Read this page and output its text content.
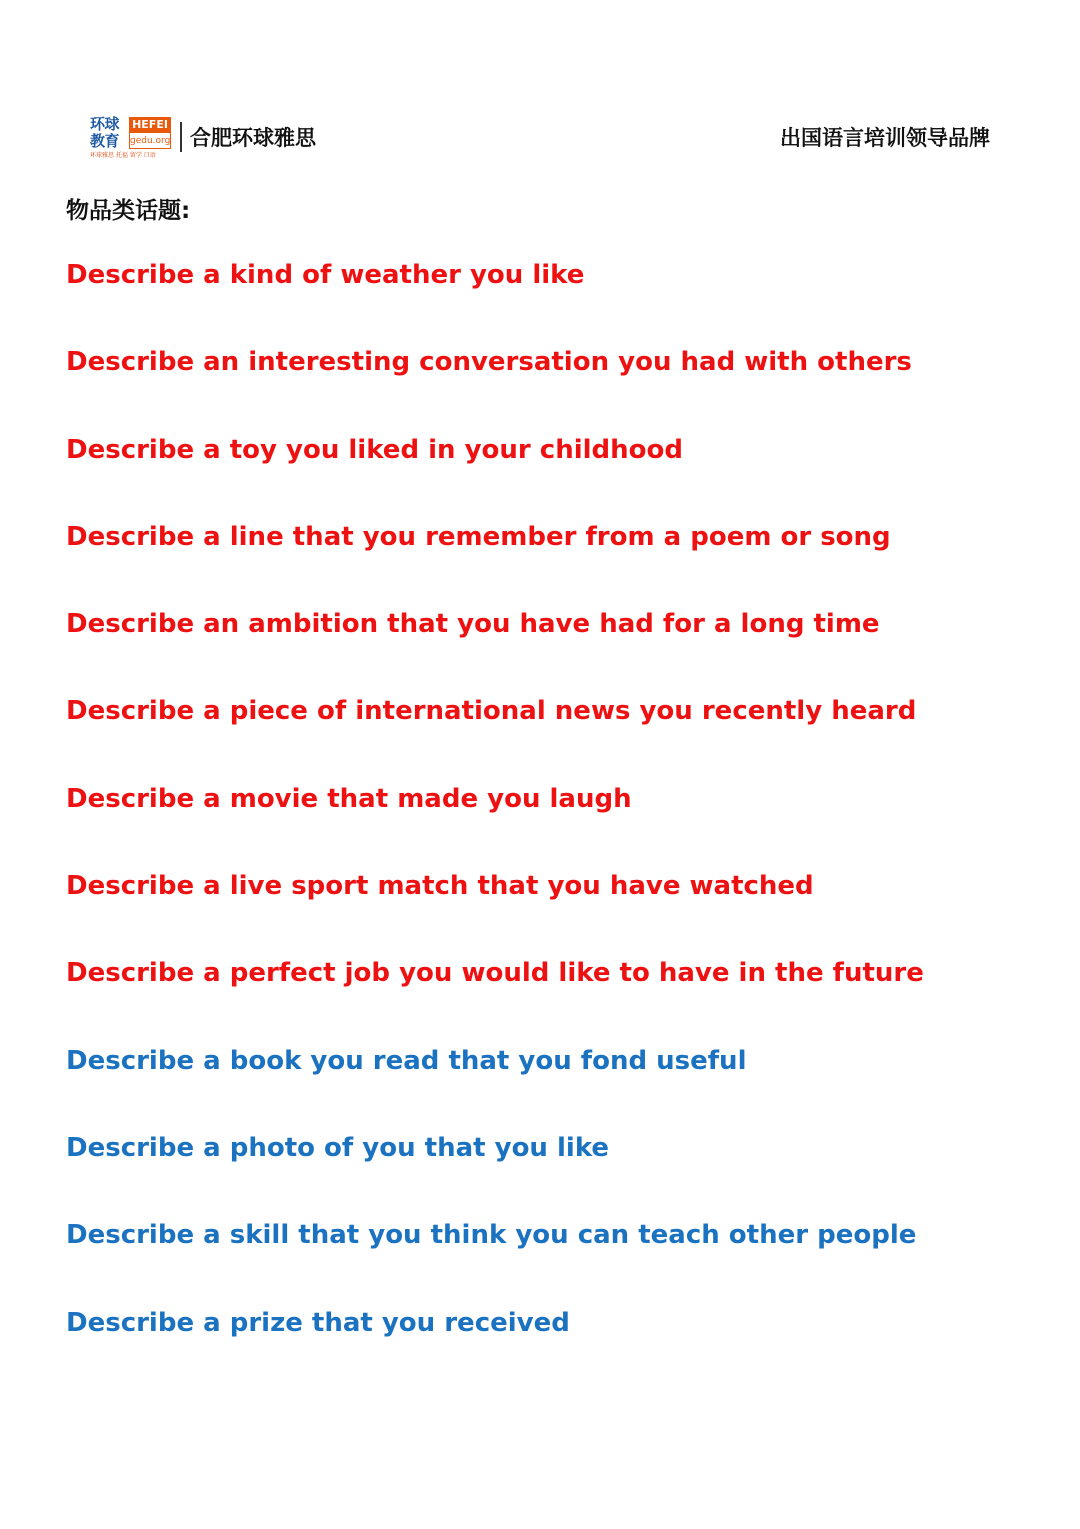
环球教育
HEFEI
gedu.org
环球雅思 托福 留学 口语
合肥环球雅思	出国语言培训领导品牌
物品类话题:
Describe a kind of weather you like
Describe an interesting conversation you had with others
Describe a toy you liked in your childhood
Describe a line that you remember from a poem or song
Describe an ambition that you have had for a long time
Describe a piece of international news you recently heard
Describe a movie that made you laugh
Describe a live sport match that you have watched
Describe a perfect job you would like to have in the future
Describe a book you read that you fond useful
Describe a photo of you that you like
Describe a skill that you think you can teach other people
Describe a prize that you received
